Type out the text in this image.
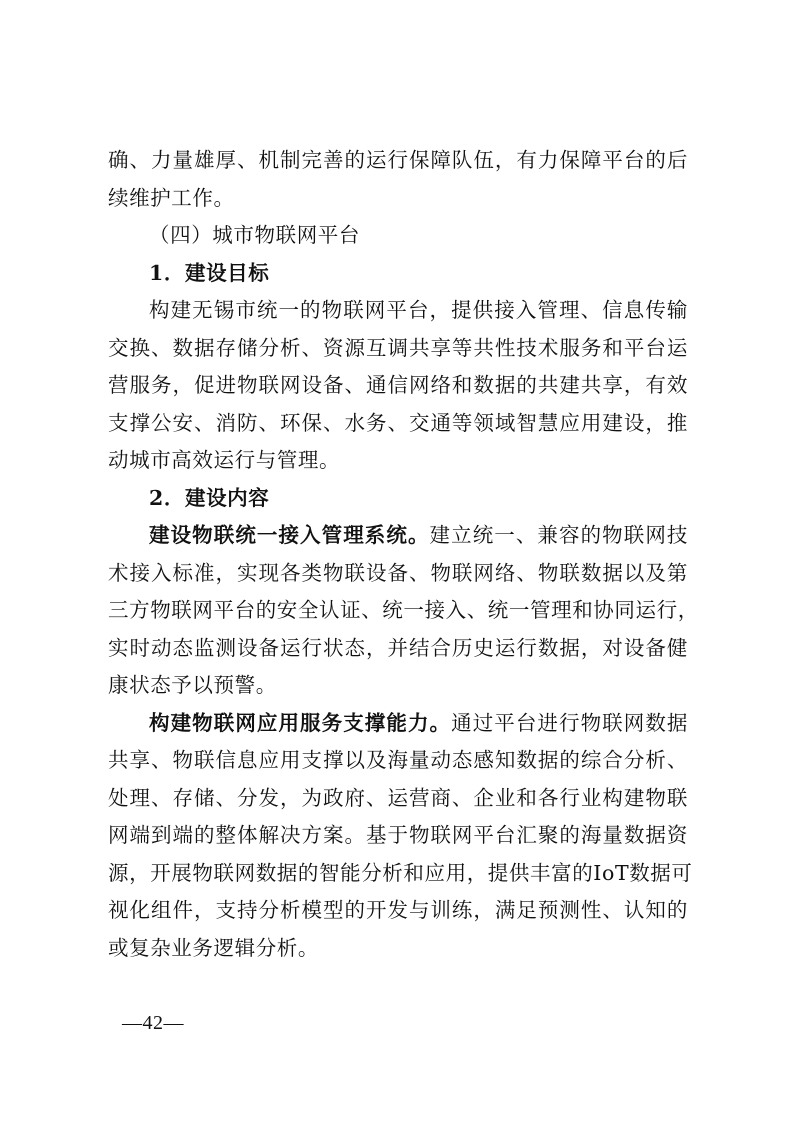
确、力量雄厚、机制完善的运行保障队伍，有力保障平台的后
续维护工作。
（四）城市物联网平台
1．建设目标
构建无锡市统一的物联网平台，提供接入管理、信息传输
交换、数据存储分析、资源互调共享等共性技术服务和平台运
营服务，促进物联网设备、通信网络和数据的共建共享，有效
支撑公安、消防、环保、水务、交通等领域智慧应用建设，推
动城市高效运行与管理。
2．建设内容
建设物联统一接入管理系统。建立统一、兼容的物联网技
术接入标准，实现各类物联设备、物联网络、物联数据以及第
三方物联网平台的安全认证、统一接入、统一管理和协同运行，
实时动态监测设备运行状态，并结合历史运行数据，对设备健
康状态予以预警。
构建物联网应用服务支撑能力。通过平台进行物联网数据
共享、物联信息应用支撑以及海量动态感知数据的综合分析、
处理、存储、分发，为政府、运营商、企业和各行业构建物联
网端到端的整体解决方案。基于物联网平台汇聚的海量数据资
源，开展物联网数据的智能分析和应用，提供丰富的IoT数据可
视化组件，支持分析模型的开发与训练，满足预测性、认知的
或复杂业务逻辑分析。
—42—
